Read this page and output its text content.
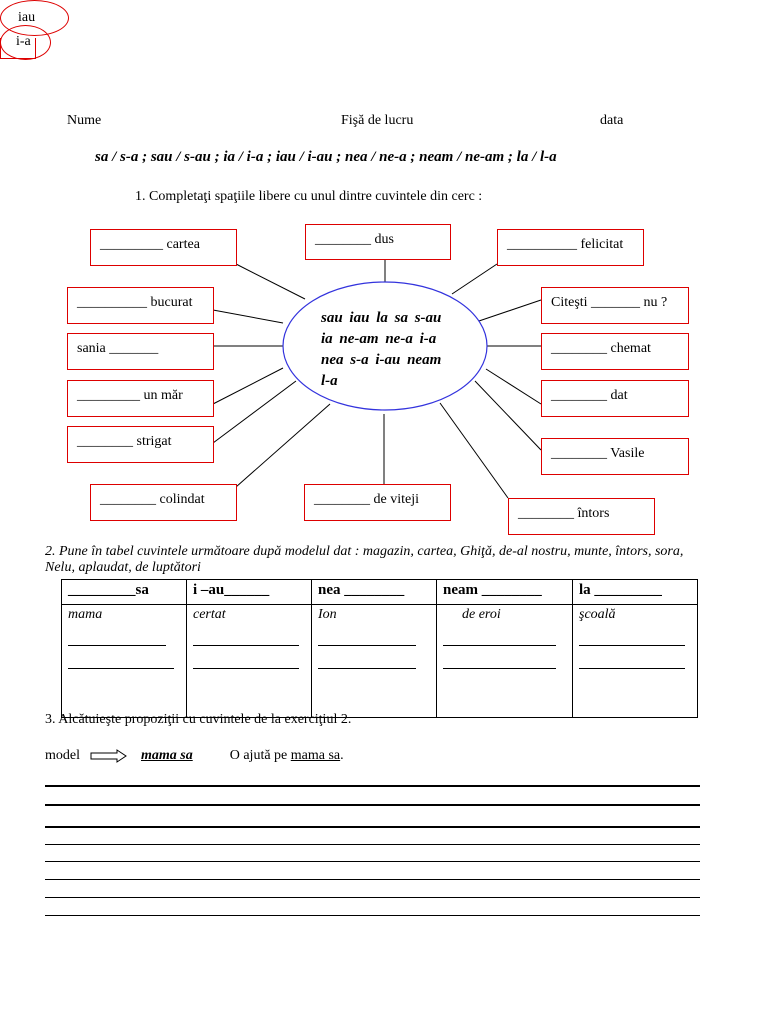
iau
i-a
Nume	Fişă de lucru	data
sa / s-a ; sau / s-au ; ia / i-a ; iau / i-au ; nea / ne-a ; neam / ne-am ; la / l-a
1. Completaţi spaţiile libere cu unul dintre cuvintele din cerc :
sau iau la sa s-au ia ne-am ne-a i-a nea s-a i-au neam l-a
_________ cartea	________ dus	__________ felicitat
__________ bucurat	Citeşti _______ nu ?
sania _______	________ chemat
_________ un măr	________ dat
________ strigat
________ Vasile
________ colindat	________ de viteji
________ întors
2. Pune în tabel cuvintele următoare după modelul dat : magazin, cartea, Ghiţă, de-al nostru, munte, întors, sora, Nelu, aplaudat, de luptători
_________sa	i –au______	nea ________	neam ________	la _________
mama	certat	Ion	de eroi	şcoală
3. Alcătuieşte propoziţii cu cuvintele de la exerciţiul 2.
model	mama sa	O ajută pe mama sa.
